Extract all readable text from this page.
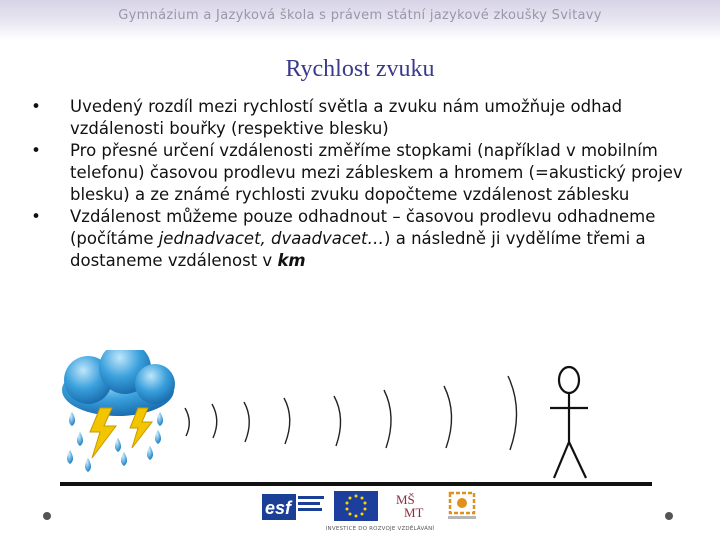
Gymnázium a Jazyková škola s právem státní jazykové zkoušky Svitavy
Rychlost zvuku

• Uvedený rozdíl mezi rychlostí světla a zvuku nám umožňuje odhad vzdálenosti bouřky (respektive blesku)

• Pro přesné určení vzdálenosti změříme stopkami (například v mobilním telefonu) časovou prodlevu mezi zábleskem a hromem (=akustický projev blesku) a ze známé rychlosti zvuku dopočteme vzdálenost záblesku

• Vzdálenost můžeme pouze odhadnout – časovou prodlevu odhadneme (počítáme jednadvacet, dvaadvacet…) a následně ji vydělíme třemi a dostaneme vzdálenost v km

esf	MŠ
MT
INVESTICE DO ROZVOJE VZDĚLÁVÁNÍ
